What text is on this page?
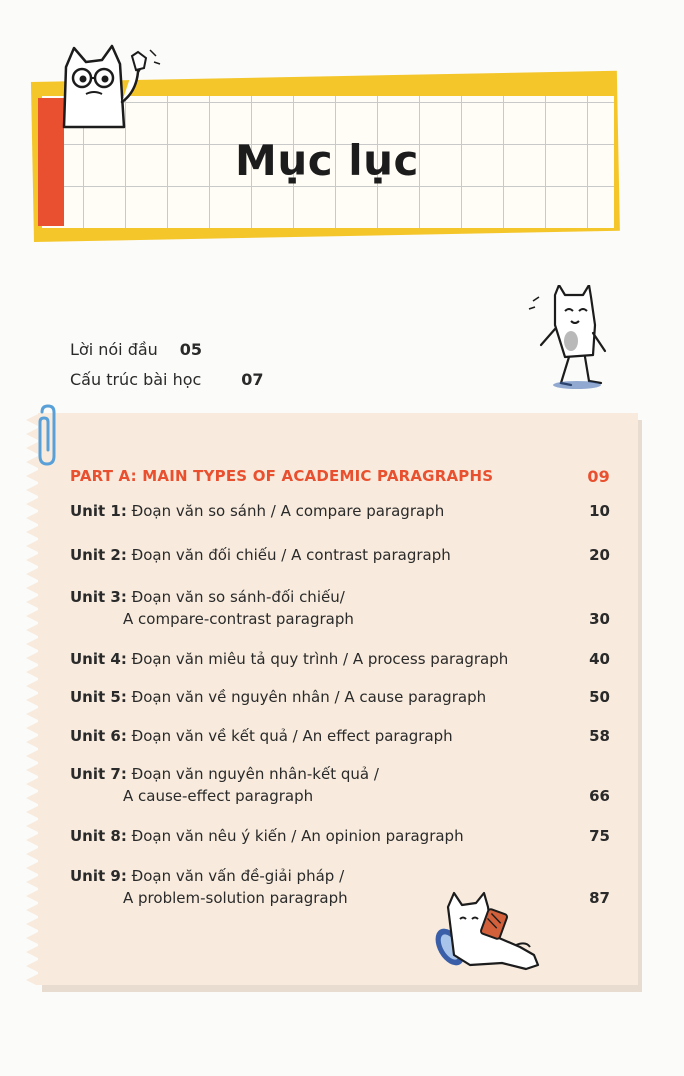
Mục lục
Lời nói đầu 05
Cấu trúc bài học	07
PART A: MAIN TYPES OF ACADEMIC PARAGRAPHS	09
Unit 1: Đoạn văn so sánh / A compare paragraph	10
Unit 2: Đoạn văn đối chiếu / A contrast paragraph	20
Unit 3: Đoạn văn so sánh-đối chiếu/
A compare-contrast paragraph	30
Unit 4: Đoạn văn miêu tả quy trình / A process paragraph	40
Unit 5: Đoạn văn về nguyên nhân / A cause paragraph	50
Unit 6: Đoạn văn về kết quả / An effect paragraph	58
Unit 7: Đoạn văn nguyên nhân-kết quả /
A cause-effect paragraph	66
Unit 8: Đoạn văn nêu ý kiến / An opinion paragraph	75
Unit 9: Đoạn văn vấn đề-giải pháp /
A problem-solution paragraph	87
